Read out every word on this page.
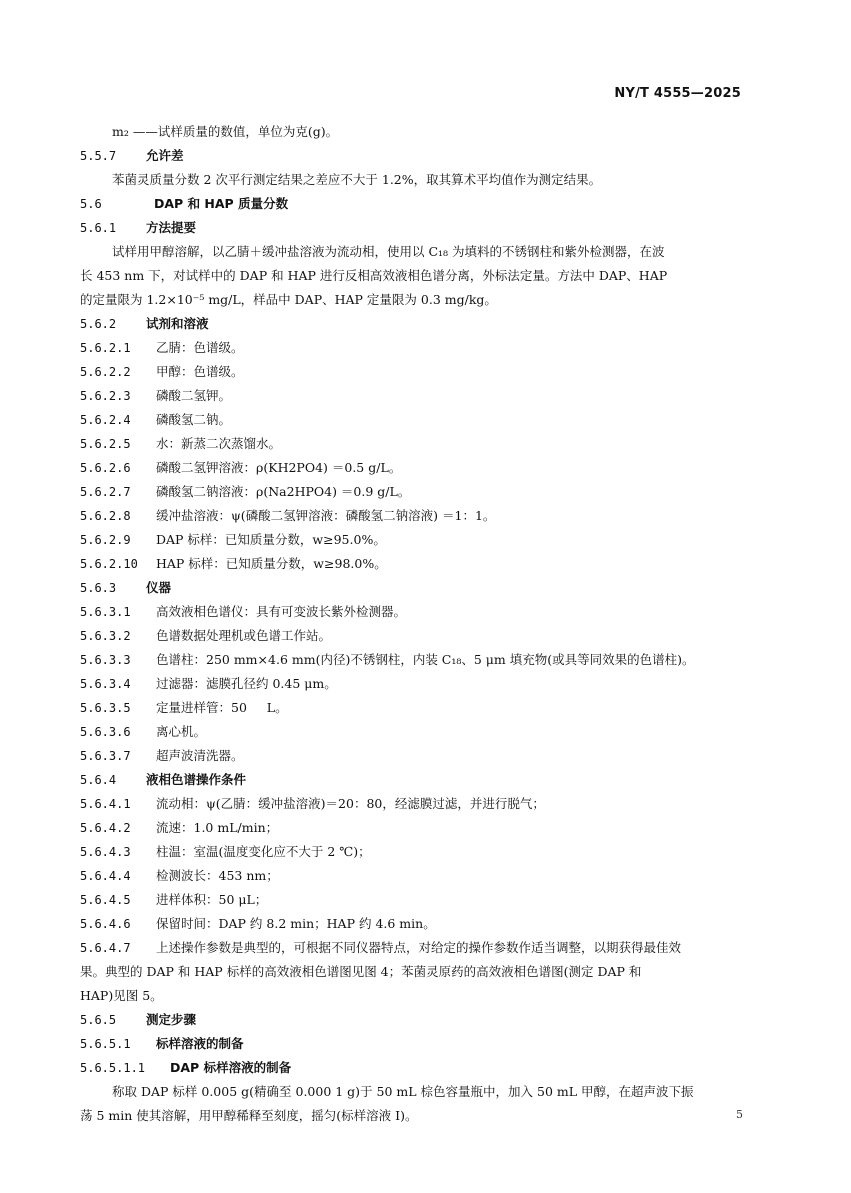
NY/T 4555—2025
m₂ ——试样质量的数值，单位为克(g)。
5.5.7 允许差
苯菌灵质量分数 2 次平行测定结果之差应不大于 1.2%，取其算术平均值作为测定结果。
5.6	DAP 和 HAP 质量分数
5.6.1 方法提要
试样用甲醇溶解，以乙腈＋缓冲盐溶液为流动相，使用以 C₁₈ 为填料的不锈钢柱和紫外检测器，在波
长 453 nm 下，对试样中的 DAP 和 HAP 进行反相高效液相色谱分离，外标法定量。方法中 DAP、HAP
的定量限为 1.2×10⁻⁵ mg/L，样品中 DAP、HAP 定量限为 0.3 mg/kg。
5.6.2 试剂和溶液
5.6.2.1 乙腈：色谱级。
5.6.2.2 甲醇：色谱级。
5.6.2.3 磷酸二氢钾。
5.6.2.4 磷酸氢二钠。
5.6.2.5 水：新蒸二次蒸馏水。
5.6.2.6 磷酸二氢钾溶液：ρ(KH2PO4) ＝0.5 g/L。
5.6.2.7 磷酸氢二钠溶液：ρ(Na2HPO4) ＝0.9 g/L。
5.6.2.8 缓冲盐溶液：ψ(磷酸二氢钾溶液：磷酸氢二钠溶液) ＝1：1。
5.6.2.9 DAP 标样：已知质量分数，w≥95.0%。
5.6.2.10 HAP 标样：已知质量分数，w≥98.0%。
5.6.3 仪器
5.6.3.1 高效液相色谱仪：具有可变波长紫外检测器。
5.6.3.2 色谱数据处理机或色谱工作站。
5.6.3.3 色谱柱：250 mm×4.6 mm(内径)不锈钢柱，内装 C₁₈、5 μm 填充物(或具等同效果的色谱柱)。
5.6.3.4 过滤器：滤膜孔径约 0.45 μm。
5.6.3.5 定量进样管：50     L。
5.6.3.6 离心机。
5.6.3.7 超声波清洗器。
5.6.4 液相色谱操作条件
5.6.4.1 流动相：ψ(乙腈：缓冲盐溶液)＝20：80，经滤膜过滤，并进行脱气；
5.6.4.2 流速：1.0 mL/min；
5.6.4.3 柱温：室温(温度变化应不大于 2 ℃)；
5.6.4.4 检测波长：453 nm；
5.6.4.5 进样体积：50 μL；
5.6.4.6 保留时间：DAP 约 8.2 min；HAP 约 4.6 min。
5.6.4.7 上述操作参数是典型的，可根据不同仪器特点，对给定的操作参数作适当调整，以期获得最佳效
果。典型的 DAP 和 HAP 标样的高效液相色谱图见图 4；苯菌灵原药的高效液相色谱图(测定 DAP 和
HAP)见图 5。
5.6.5 测定步骤
5.6.5.1 标样溶液的制备
5.6.5.1.1 DAP 标样溶液的制备
称取 DAP 标样 0.005 g(精确至 0.000 1 g)于 50 mL 棕色容量瓶中，加入 50 mL 甲醇，在超声波下振
荡 5 min 使其溶解，用甲醇稀释至刻度，摇匀(标样溶液 Ⅰ)。	5
